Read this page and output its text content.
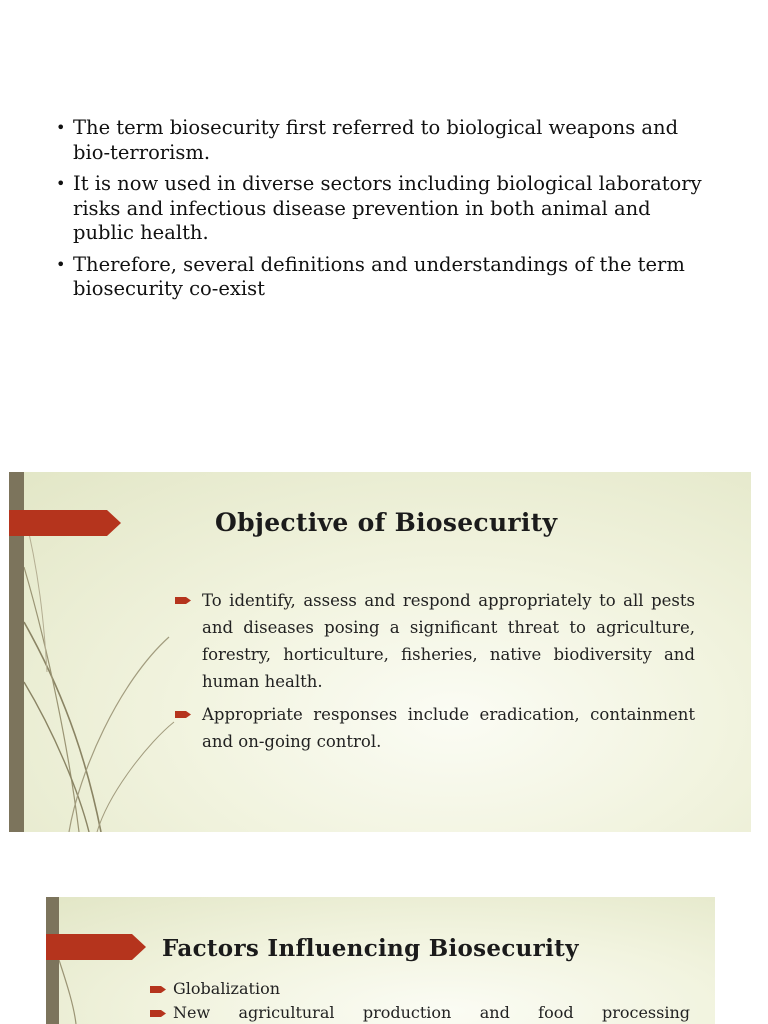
• The term biosecurity first referred to biological weapons and bio-terrorism.
• It is now used in diverse sectors including biological laboratory risks and infectious disease prevention in both animal and public health.
• Therefore, several definitions and understandings of the term biosecurity co-exist
Objective of Biosecurity
To identify, assess and respond appropriately to all pests and diseases posing a significant threat to agriculture, forestry, horticulture, fisheries, native biodiversity and human health.
Appropriate responses include eradication, containment and on-going control.
Factors Influencing Biosecurity
Globalization
New agricultural production and food processing
